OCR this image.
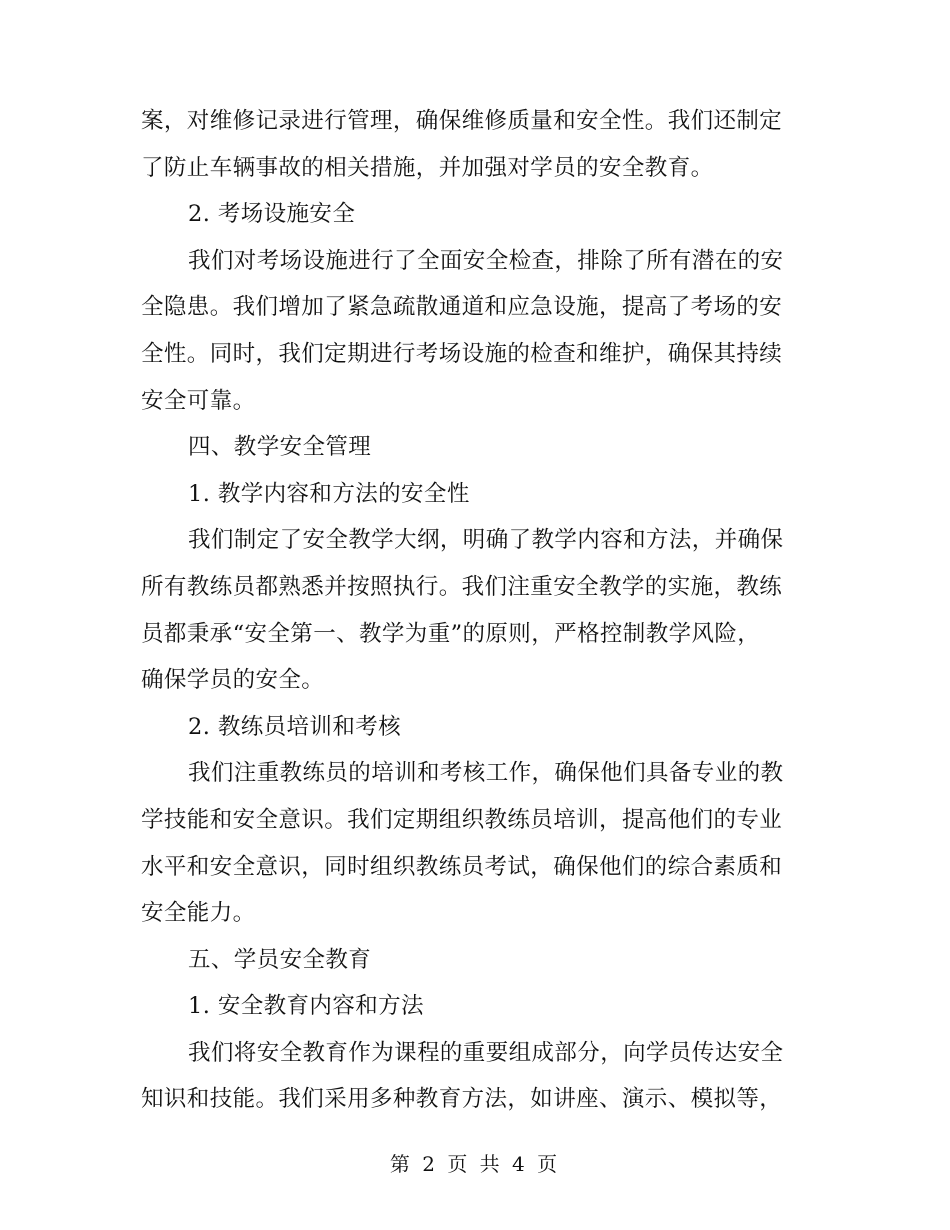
案，对维修记录进行管理，确保维修质量和安全性。我们还制定
了防止车辆事故的相关措施，并加强对学员的安全教育。
2. 考场设施安全
我们对考场设施进行了全面安全检查，排除了所有潜在的安
全隐患。我们增加了紧急疏散通道和应急设施，提高了考场的安
全性。同时，我们定期进行考场设施的检查和维护，确保其持续
安全可靠。
四、教学安全管理
1. 教学内容和方法的安全性
我们制定了安全教学大纲，明确了教学内容和方法，并确保
所有教练员都熟悉并按照执行。我们注重安全教学的实施，教练
员都秉承“安全第一、教学为重”的原则，严格控制教学风险，
确保学员的安全。
2. 教练员培训和考核
我们注重教练员的培训和考核工作，确保他们具备专业的教
学技能和安全意识。我们定期组织教练员培训，提高他们的专业
水平和安全意识，同时组织教练员考试，确保他们的综合素质和
安全能力。
五、学员安全教育
1. 安全教育内容和方法
我们将安全教育作为课程的重要组成部分，向学员传达安全
知识和技能。我们采用多种教育方法，如讲座、演示、模拟等，
第 2 页 共 4 页
